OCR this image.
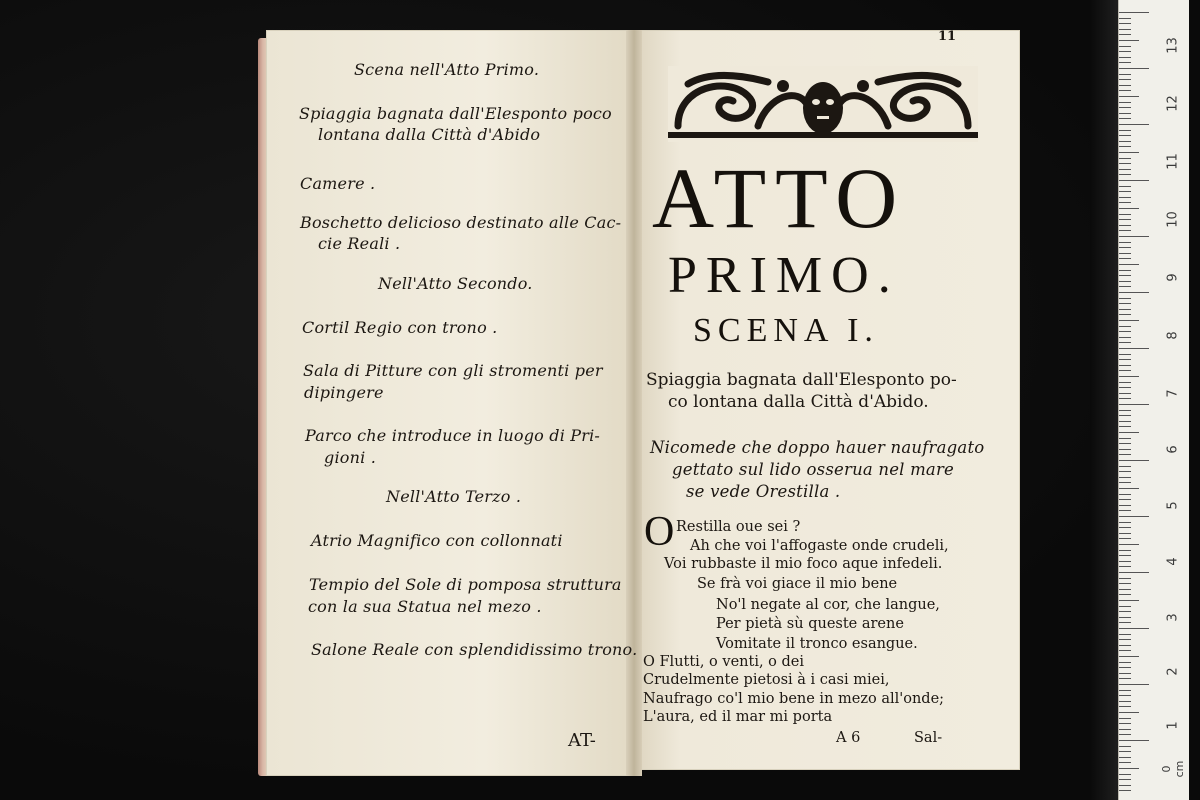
13
12
11
10
9
8
7
6
5
4
3
2
1
0 cm
⁠ ⁠ ⁠
⁠ ⁠
Scena nell'Atto Primo.
Spiaggia bagnata dall'Elesponto poco
lontana dalla Città d'Abido
Camere .
Boschetto delicioso destinato alle Cac-
cie Reali .
Nell'Atto Secondo.
Cortil Regio con trono .
Sala di Pitture con gli stromenti per
dipingere
Parco che introduce in luogo di Pri-
gioni .
Nell'Atto Terzo .
Atrio Magnifico con collonnati
Tempio del Sole di pomposa struttura
con la sua Statua nel mezo .
Salone Reale con splendidissimo trono.
AT-
11
ATTO
PRIMO.
SCENA I.
Spiaggia bagnata dall'Elesponto po-
co lontana dalla Città d'Abido.
Nicomede che doppo hauer naufragato
gettato sul lido osserua nel mare
se vede Orestilla .
O Restilla oue sei ?
Ah che voi l'affogaste onde crudeli,
Voi rubbaste il mio foco aque infedeli.
Se frà voi giace il mio bene
No'l negate al cor, che langue,
Per pietà sù queste arene
Vomitate il tronco esangue.
O Flutti, o venti, o dei
Crudelmente pietosi à i casi miei,
Naufrago co'l mio bene in mezo all'onde;
L'aura, ed il mar mi porta
A 6	Sal-
